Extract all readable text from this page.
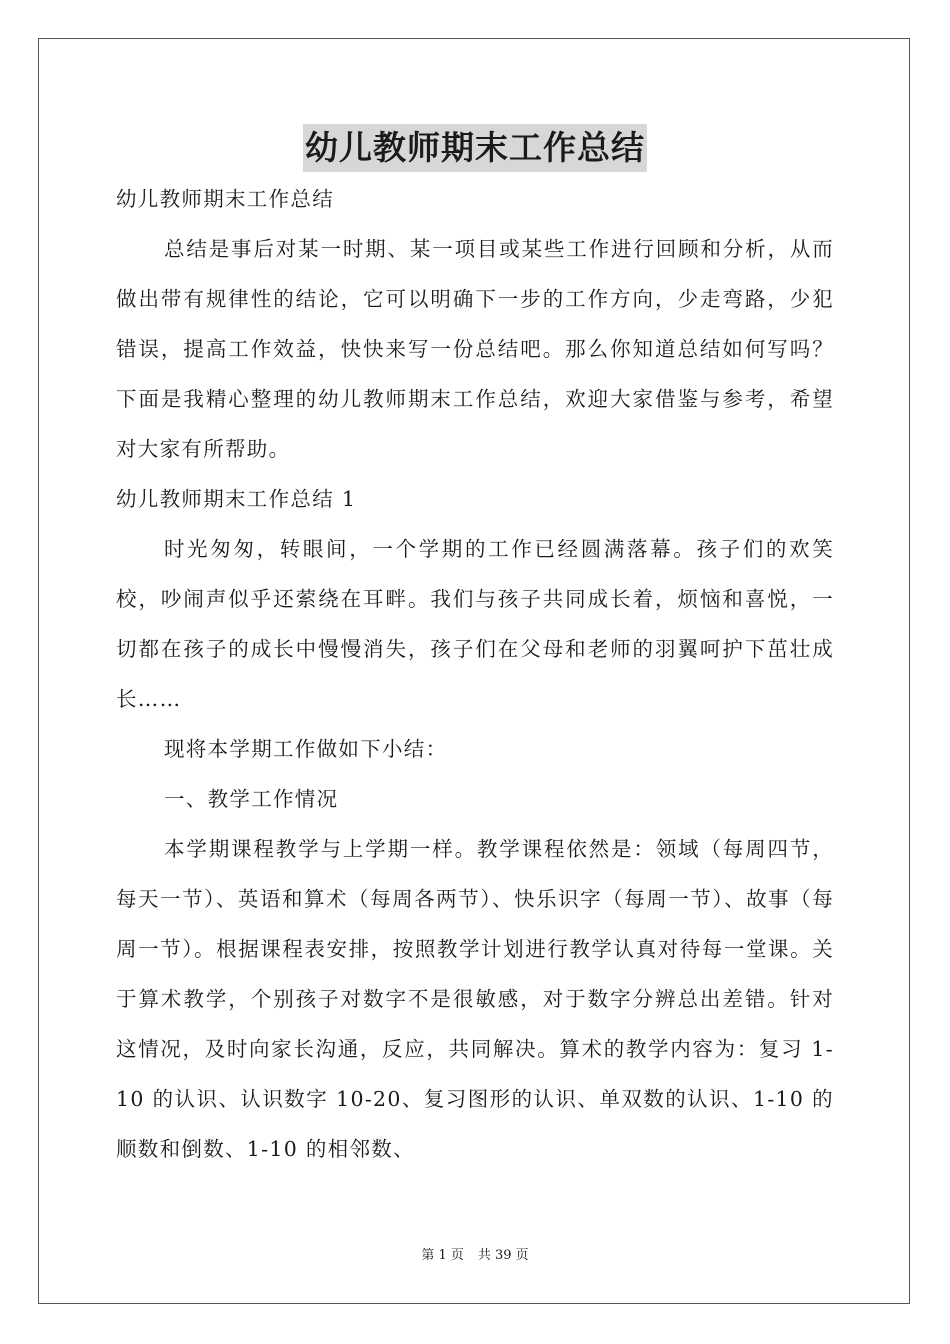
幼儿教师期末工作总结

幼儿教师期末工作总结

总结是事后对某一时期、某一项目或某些工作进行回顾和分析，从而做出带有规律性的结论，它可以明确下一步的工作方向，少走弯路，少犯错误，提高工作效益，快快来写一份总结吧。那么你知道总结如何写吗？下面是我精心整理的幼儿教师期末工作总结，欢迎大家借鉴与参考，希望对大家有所帮助。

幼儿教师期末工作总结 1

时光匆匆，转眼间，一个学期的工作已经圆满落幕。孩子们的欢笑校，吵闹声似乎还萦绕在耳畔。我们与孩子共同成长着，烦恼和喜悦，一切都在孩子的成长中慢慢消失，孩子们在父母和老师的羽翼呵护下茁壮成长……

现将本学期工作做如下小结：

一、教学工作情况

本学期课程教学与上学期一样。教学课程依然是：领域（每周四节，每天一节）、英语和算术（每周各两节）、快乐识字（每周一节）、故事（每周一节）。根据课程表安排，按照教学计划进行教学认真对待每一堂课。关于算术教学，个别孩子对数字不是很敏感，对于数字分辨总出差错。针对这情况，及时向家长沟通，反应，共同解决。算术的教学内容为：复习 1-10 的认识、认识数字 10-20、复习图形的认识、单双数的认识、1-10 的顺数和倒数、1-10 的相邻数、

第 1 页 共 39 页
